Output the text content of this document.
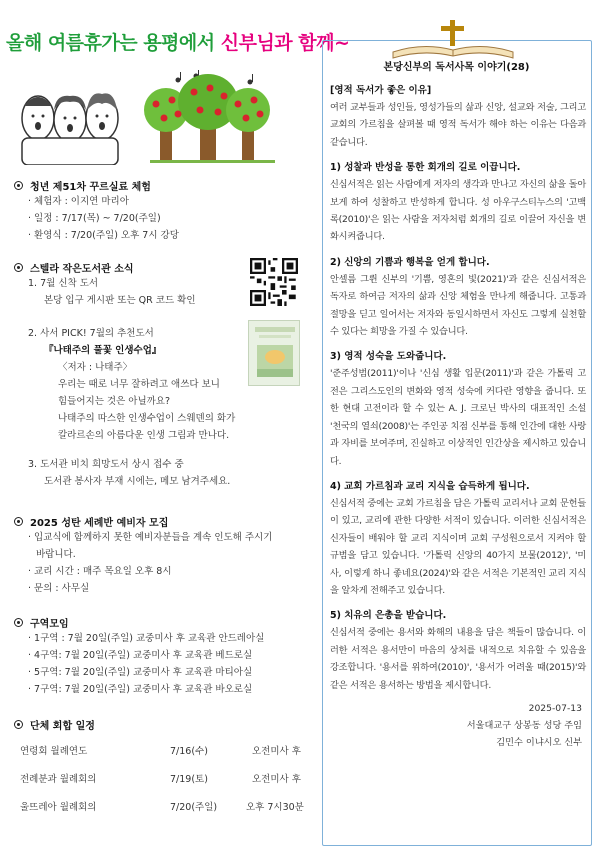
올해 여름휴가는 용평에서 신부님과 함께~
청년 제51차 꾸르실료 체험
· 체험자 : 이지연 마리아
· 일정 : 7/17(목) ~ 7/20(주일)
· 환영식 : 7/20(주일) 오후 7시 강당
스텔라 작은도서관 소식
1. 7월 신착 도서
본당 입구 게시판 또는 QR 코드 확인
2. 사서 PICK! 7월의 추천도서
『나태주의 풀꽃 인생수업』
〈저자 : 나태주〉
우리는 때로 너무 잘하려고 애쓰다 보니
힘들어지는 것은 아닐까요?
나태주의 따스한 인생수업이 스웨덴의 화가
칼라르손의 아름다운 인생 그림과 만나다.
3. 도서관 비치 희망도서 상시 접수 중
도서관 봉사자 부재 시에는, 메모 남겨주세요.
2025 성탄 세례반 예비자 모집
· 입교식에 함께하지 못한 예비자분들을 계속 인도해 주시기
바랍니다.
· 교리 시간 : 매주 목요일 오후 8시
· 문의 : 사무실
구역모임
· 1구역 : 7월 20일(주일) 교중미사 후 교육관 안드레아실
· 4구역: 7월 20일(주일) 교중미사 후 교육관 베드로실
· 5구역: 7월 20일(주일) 교중미사 후 교육관 마티아실
· 7구역: 7월 20일(주일) 교중미사 후 교육관 바오로실
단체 회합 일정
연령회 월례연도	7/16(수)	오전미사 후
전례분과 월례회의	7/19(토)	오전미사 후
울뜨레아 월례회의	7/20(주일)	오후 7시30분
본당신부의 독서사목 이야기(28)
[영적 독서가 좋은 이유]
여러 교부들과 성인들, 영성가들의 삶과 신앙, 설교와 저술, 그리고 교회의 가르침을 살펴볼 때 영적 독서가 해야 하는 이유는 다음과 같습니다.
1) 성찰과 반성을 통한 회개의 길로 이끕니다.
신심서적은 읽는 사람에게 저자의 생각과 만나고 자신의 삶을 돌아보게 하여 성찰하고 반성하게 합니다. 성 아우구스티누스의 '고백록(2010)'은 읽는 사람을 저자처럼 회개의 길로 이끌어 자신을 변화시켜줍니다.
2) 신앙의 기쁨과 행복을 얻게 합니다.
안셀름 그륀 신부의 '기쁨, 영혼의 빛(2021)'과 같은 신심서적은 독자로 하여금 저자의 삶과 신앙 체험을 만나게 해줍니다. 고통과 절망을 딛고 일어서는 저자와 동일시하면서 자신도 그렇게 실천할 수 있다는 희망을 가질 수 있습니다.
3) 영적 성숙을 도와줍니다.
'준주성범(2011)'이나 '신심 생활 입문(2011)'과 같은 가톨릭 고전은 그리스도인의 변화와 영적 성숙에 커다란 영향을 줍니다. 또한 현대 고전이라 할 수 있는 A. J. 크로닌 박사의 대표적인 소설 '천국의 열쇠(2008)'는 주인공 치점 신부를 통해 인간에 대한 사랑과 자비를 보여주며, 진실하고 이상적인 인간상을 제시하고 있습니다.
4) 교회 가르침과 교리 지식을 습득하게 됩니다.
신심서적 중에는 교회 가르침을 담은 가톨릭 교리서나 교회 문헌들이 있고, 교리에 관한 다양한 서적이 있습니다. 이러한 신심서적은 신자들이 배워야 할 교리 지식이며 교회 구성원으로서 지켜야 할 규범을 담고 있습니다. '가톨릭 신앙의 40가지 보물(2012)', '미사, 이렇게 하니 좋네요(2024)'와 같은 서적은 기본적인 교리 지식을 알차게 전해주고 있습니다.
5) 치유의 은총을 받습니다.
신심서적 중에는 용서와 화해의 내용을 담은 책들이 많습니다. 이러한 서적은 용서만이 마음의 상처를 내적으로 치유할 수 있음을 강조합니다. '용서를 위하여(2010)', '용서가 어려울 때(2015)'와 같은 서적은 용서하는 방법을 제시합니다.
2025-07-13
서울대교구 상봉동 성당 주임
김민수 이냐시오 신부
